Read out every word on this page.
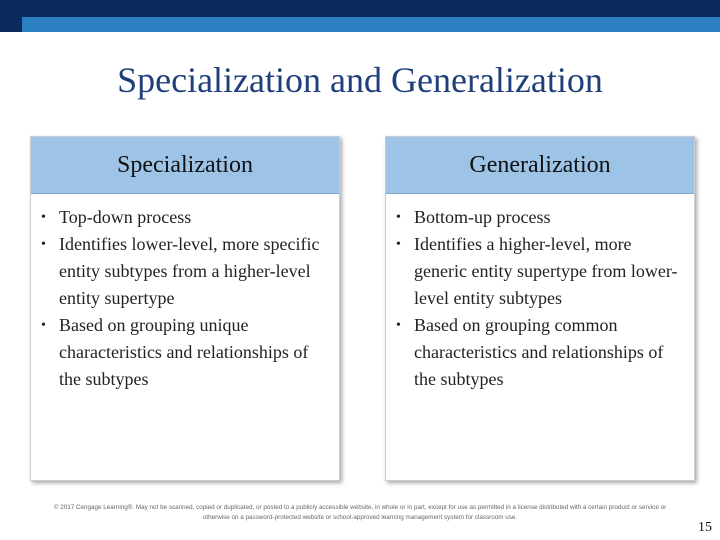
Specialization and Generalization
Specialization
• Top-down process
• Identifies lower-level, more specific entity subtypes from a higher-level entity supertype
• Based on grouping unique characteristics and relationships of the subtypes
Generalization
• Bottom-up process
• Identifies a higher-level, more generic entity supertype from lower-level entity subtypes
• Based on grouping common characteristics and relationships of the subtypes
© 2017 Cengage Learning®. May not be scanned, copied or duplicated, or posted to a publicly accessible website, in whole or in part, except for use as permitted in a license distributed with a certain product or service or otherwise on a password-protected website or school-approved learning management system for classroom use.
15
